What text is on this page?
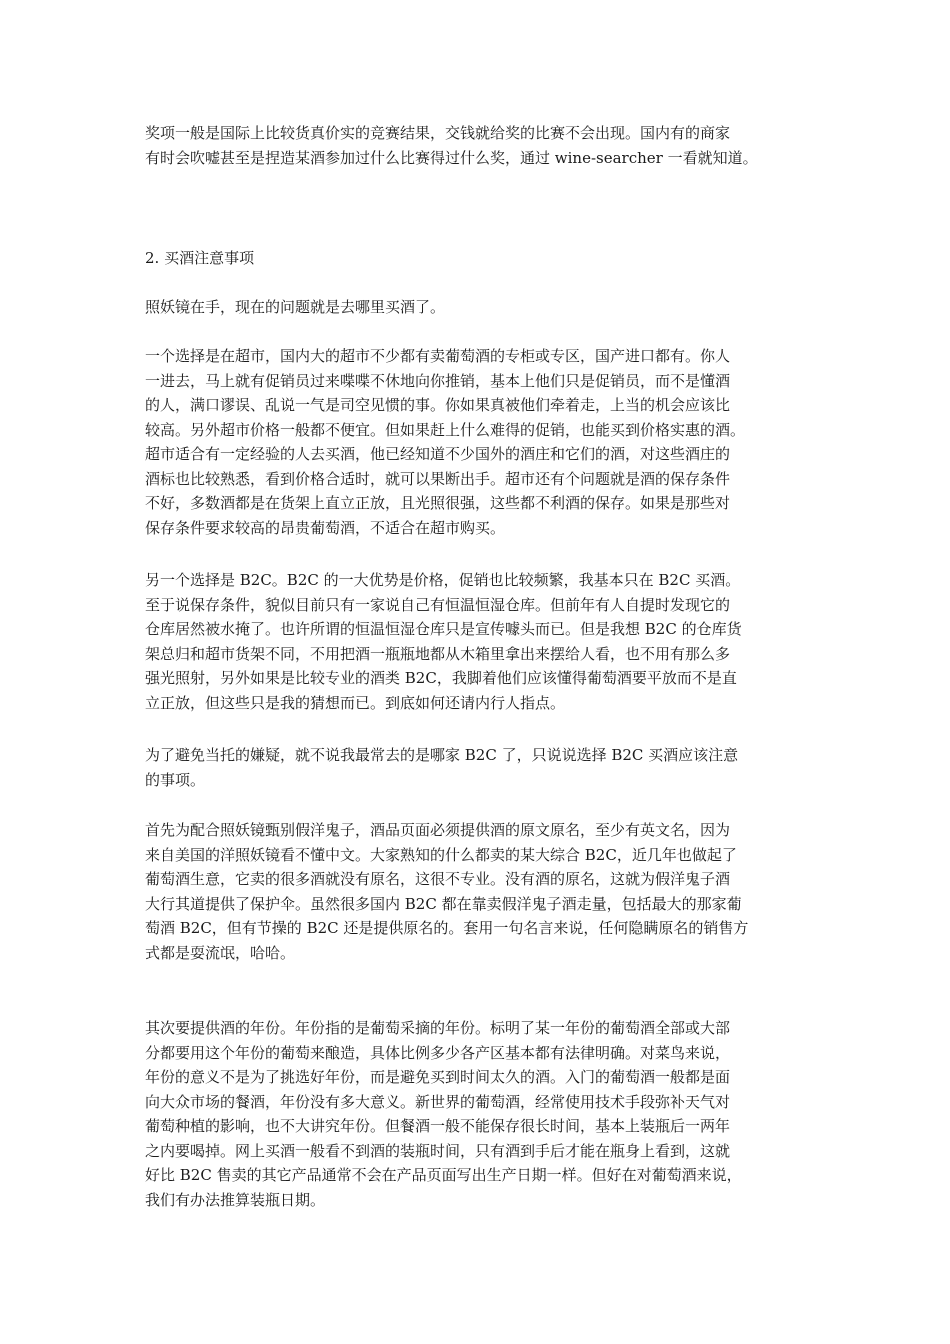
奖项一般是国际上比较货真价实的竞赛结果，交钱就给奖的比赛不会出现。国内有的商家
有时会吹嘘甚至是捏造某酒参加过什么比赛得过什么奖，通过 wine-searcher 一看就知道。
2. 买酒注意事项
照妖镜在手，现在的问题就是去哪里买酒了。
一个选择是在超市，国内大的超市不少都有卖葡萄酒的专柜或专区，国产进口都有。你人
一进去，马上就有促销员过来喋喋不休地向你推销，基本上他们只是促销员，而不是懂酒
的人，满口谬误、乱说一气是司空见惯的事。你如果真被他们牵着走，上当的机会应该比
较高。另外超市价格一般都不便宜。但如果赶上什么难得的促销，也能买到价格实惠的酒。
超市适合有一定经验的人去买酒，他已经知道不少国外的酒庄和它们的酒，对这些酒庄的
酒标也比较熟悉，看到价格合适时，就可以果断出手。超市还有个问题就是酒的保存条件
不好，多数酒都是在货架上直立正放，且光照很强，这些都不利酒的保存。如果是那些对
保存条件要求较高的昂贵葡萄酒，不适合在超市购买。
另一个选择是 B2C。B2C 的一大优势是价格，促销也比较频繁，我基本只在 B2C 买酒。
至于说保存条件，貌似目前只有一家说自己有恒温恒湿仓库。但前年有人自提时发现它的
仓库居然被水掩了。也许所谓的恒温恒湿仓库只是宣传噱头而已。但是我想 B2C 的仓库货
架总归和超市货架不同，不用把酒一瓶瓶地都从木箱里拿出来摆给人看，也不用有那么多
强光照射，另外如果是比较专业的酒类 B2C，我脚着他们应该懂得葡萄酒要平放而不是直
立正放，但这些只是我的猜想而已。到底如何还请内行人指点。
为了避免当托的嫌疑，就不说我最常去的是哪家 B2C 了，只说说选择 B2C 买酒应该注意
的事项。
首先为配合照妖镜甄别假洋鬼子，酒品页面必须提供酒的原文原名，至少有英文名，因为
来自美国的洋照妖镜看不懂中文。大家熟知的什么都卖的某大综合 B2C，近几年也做起了
葡萄酒生意，它卖的很多酒就没有原名，这很不专业。没有酒的原名，这就为假洋鬼子酒
大行其道提供了保护伞。虽然很多国内 B2C 都在靠卖假洋鬼子酒走量，包括最大的那家葡
萄酒 B2C，但有节操的 B2C 还是提供原名的。套用一句名言来说，任何隐瞒原名的销售方
式都是耍流氓，哈哈。
其次要提供酒的年份。年份指的是葡萄采摘的年份。标明了某一年份的葡萄酒全部或大部
分都要用这个年份的葡萄来酿造，具体比例多少各产区基本都有法律明确。对菜鸟来说，
年份的意义不是为了挑选好年份，而是避免买到时间太久的酒。入门的葡萄酒一般都是面
向大众市场的餐酒，年份没有多大意义。新世界的葡萄酒，经常使用技术手段弥补天气对
葡萄种植的影响，也不大讲究年份。但餐酒一般不能保存很长时间，基本上装瓶后一两年
之内要喝掉。网上买酒一般看不到酒的装瓶时间，只有酒到手后才能在瓶身上看到，这就
好比 B2C 售卖的其它产品通常不会在产品页面写出生产日期一样。但好在对葡萄酒来说，
我们有办法推算装瓶日期。
